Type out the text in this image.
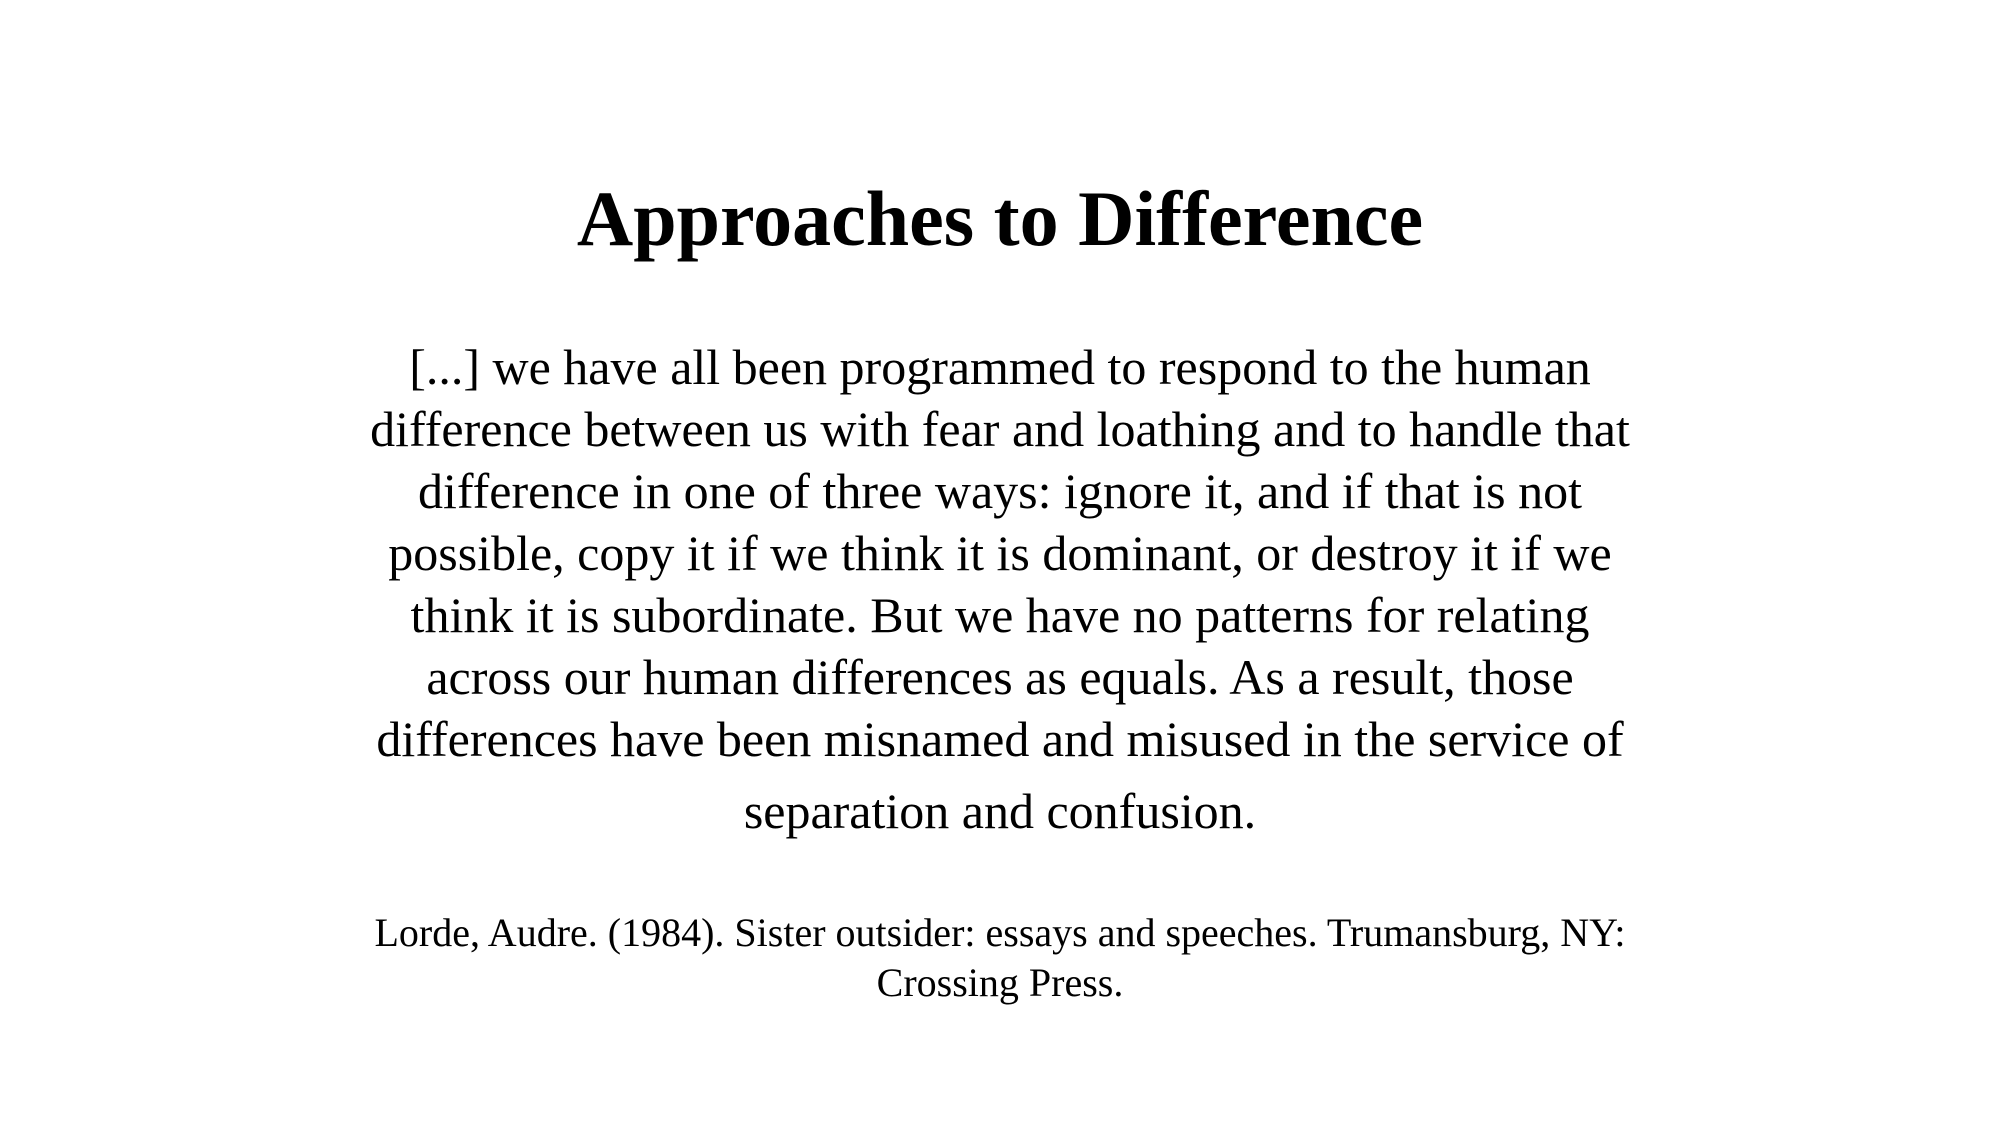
Approaches to Difference
[...] we have all been programmed to respond to the human
difference between us with fear and loathing and to handle that
difference in one of three ways: ignore it, and if that is not
possible, copy it if we think it is dominant, or destroy it if we
think it is subordinate. But we have no patterns for relating
across our human differences as equals. As a result, those
differences have been misnamed and misused in the service of
separation and confusion.
Lorde, Audre. (1984). Sister outsider: essays and speeches. Trumansburg, NY:
Crossing Press.
